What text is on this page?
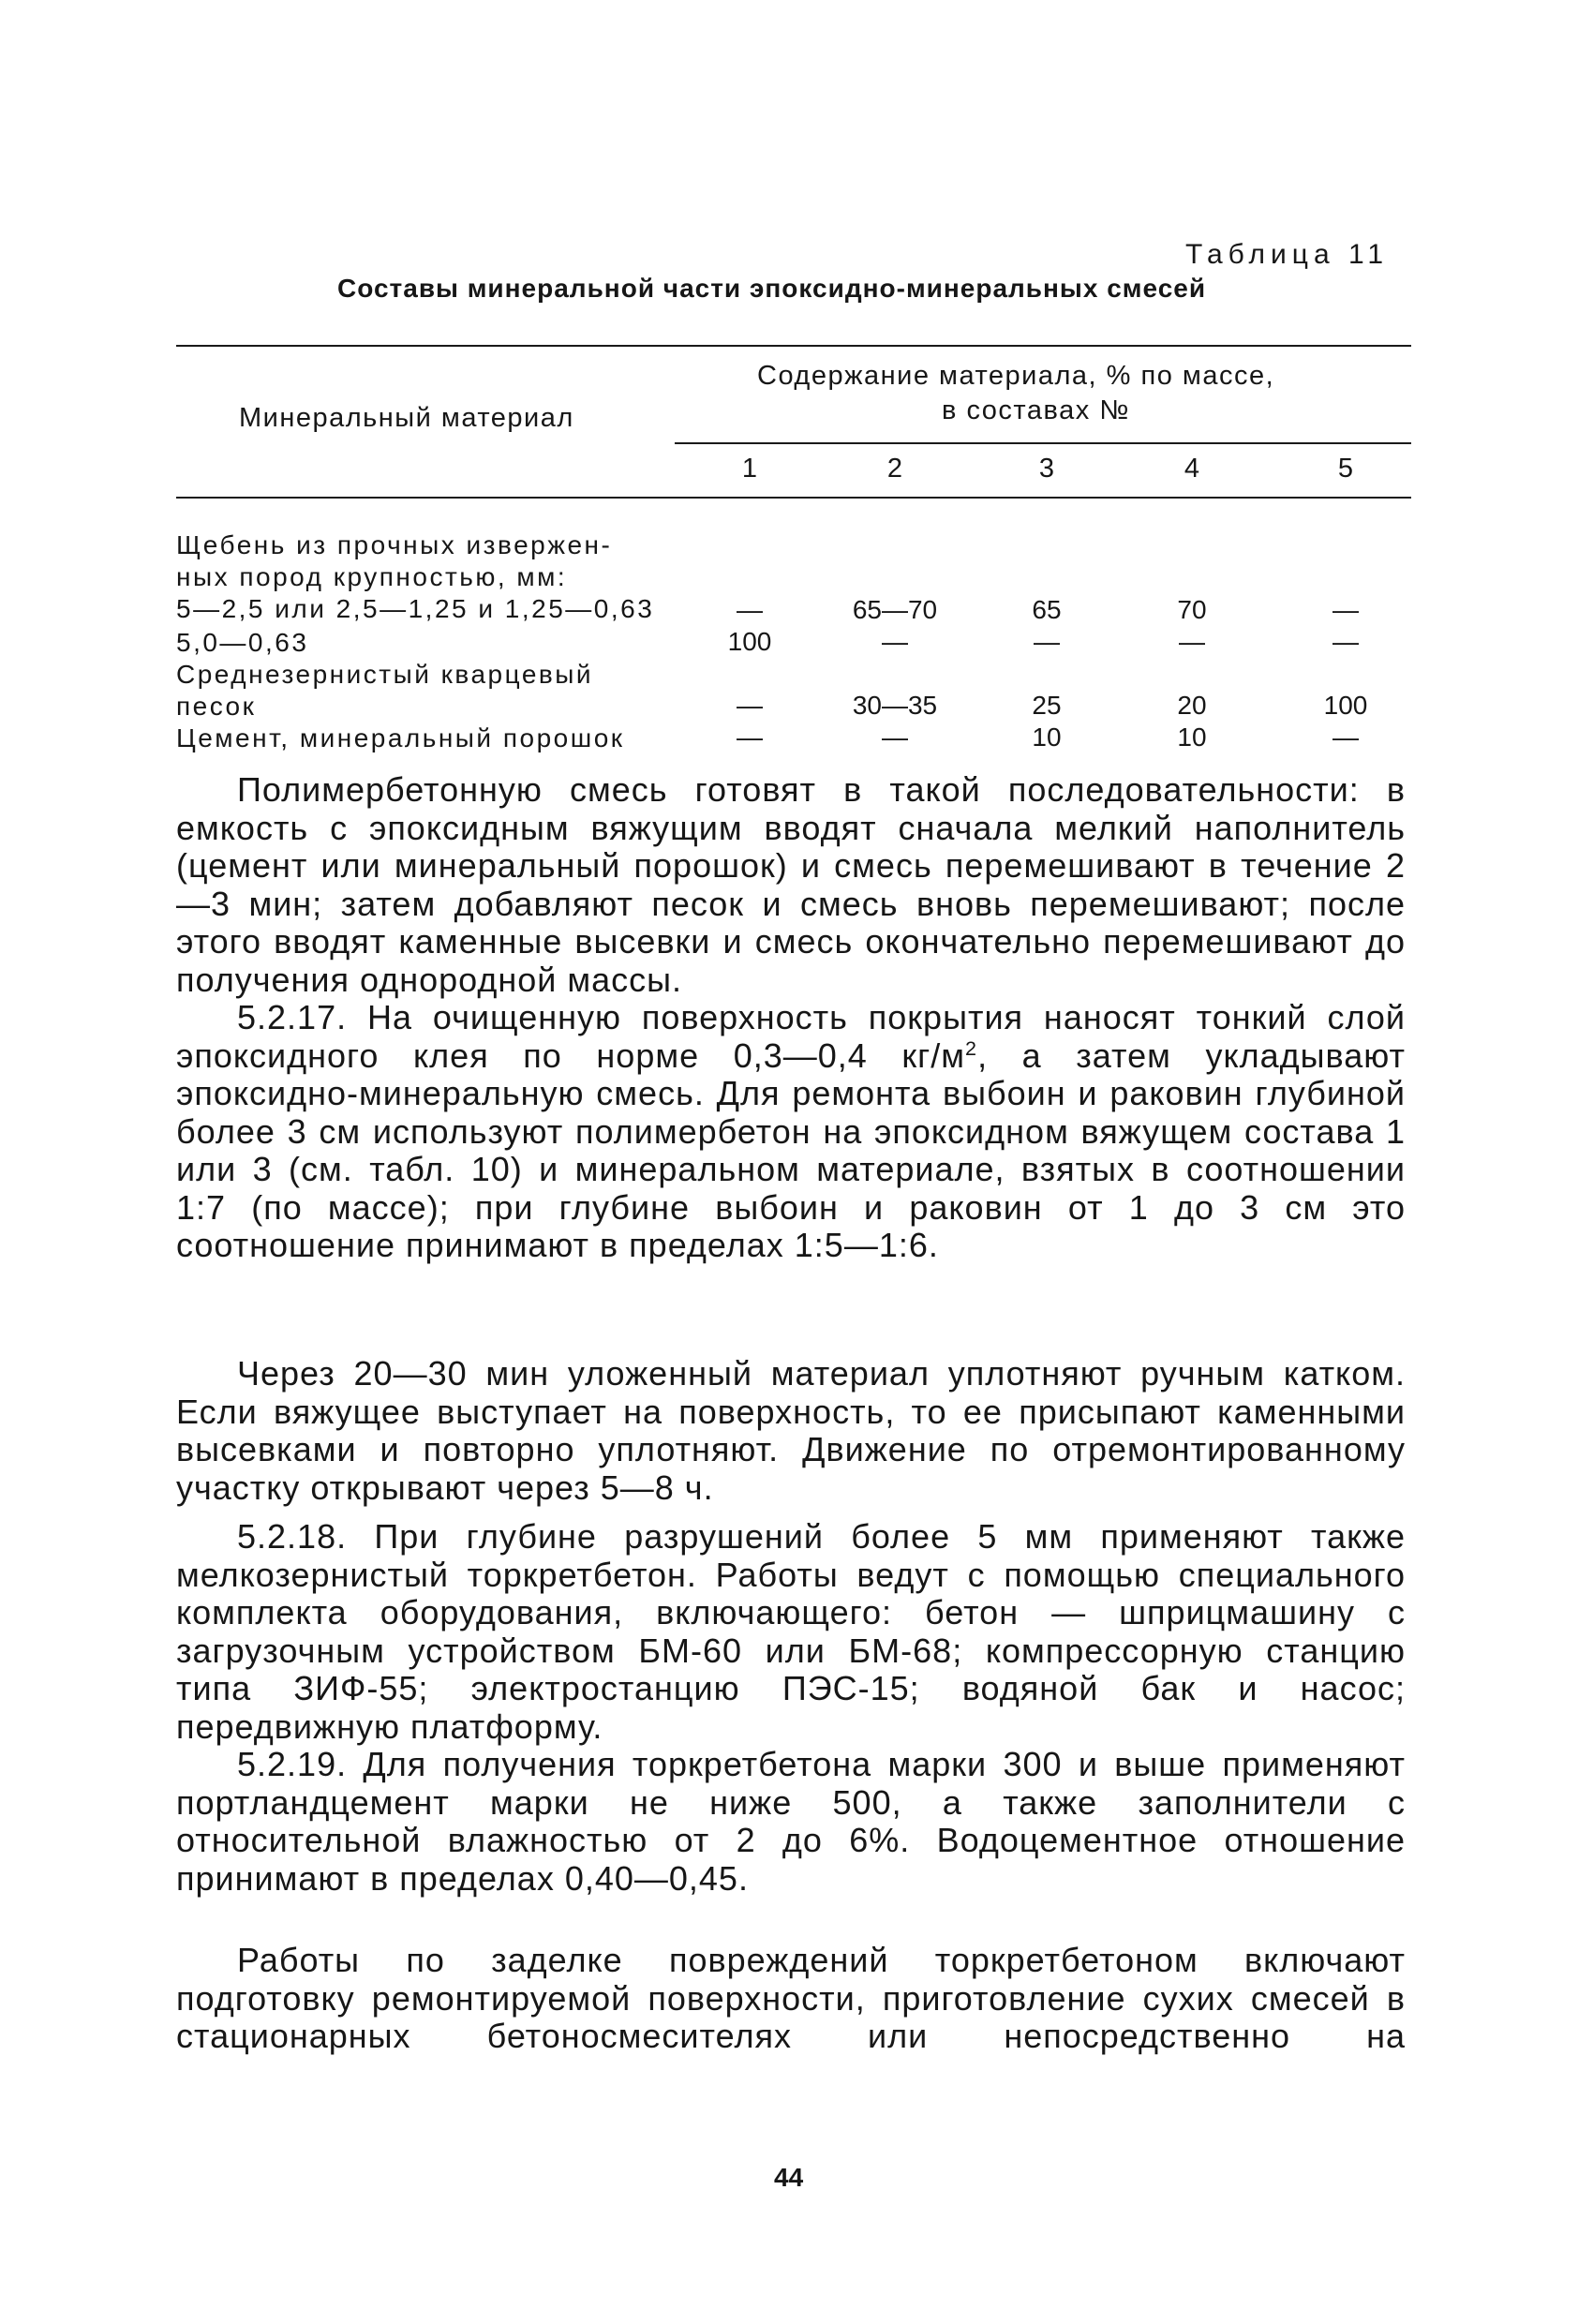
Таблица 11
Составы минеральной части эпоксидно-минеральных смесей
Минеральный материал
Содержание материала, % по массе,
в составах №
1	2	3	4	5
Щебень из прочных извержен-
ных пород крупностью, мм:
5—2,5 или 2,5—1,25 и 1,25—0,63	—	65—70	65	70	—
5,0—0,63	100	—	—	—	—
Среднезернистый кварцевый
песок	—	30—35	25	20	100
Цемент, минеральный порошок	—	—	10	10	—

Полимербетонную смесь готовят в такой последовательности: в емкость с эпоксидным вяжущим вводят сначала мелкий наполнитель (цемент или минеральный порошок) и смесь перемешивают в течение 2—3 мин; затем добавляют песок и смесь вновь перемешивают; после этого вводят каменные высевки и смесь окончательно перемешивают до получения однородной массы.

5.2.17. На очищенную поверхность покрытия наносят тонкий слой эпоксидного клея по норме 0,3—0,4 $кг/м^2$, а затем укладывают эпоксидно-минеральную смесь. Для ремонта выбоин и раковин глубиной более 3 см используют полимербетон на эпоксидном вяжущем состава 1 или 3 (см. табл. 10) и минеральном материале, взятых в соотношении 1:7 (по массе); при глубине выбоин и раковин от 1 до 3 см это соотношение принимают в пределах 1:5—1:6.

Через 20—30 мин уложенный материал уплотняют ручным катком. Если вяжущее выступает на поверхность, то ее присыпают каменными высевками и повторно уплотняют. Движение по отремонтированному участку открывают через 5—8 ч.

5.2.18. При глубине разрушений более 5 мм применяют также мелкозернистый торкретбетон. Работы ведут с помощью специального комплекта оборудования, включающего: бетон — шприцмашину с загрузочным устройством БМ-60 или БМ-68; компрессорную станцию типа ЗИФ-55; электростанцию ПЭС-15; водяной бак и насос; передвижную платформу.

5.2.19. Для получения торкретбетона марки 300 и выше применяют портландцемент марки не ниже 500, а также заполнители с относительной влажностью от 2 до 6%. Водоцементное отношение принимают в пределах 0,40—0,45.

Работы по заделке повреждений торкретбетоном включают подготовку ремонтируемой поверхности, приготовление сухих смесей в стационарных бетоносмесителях или непосредственно на

44
